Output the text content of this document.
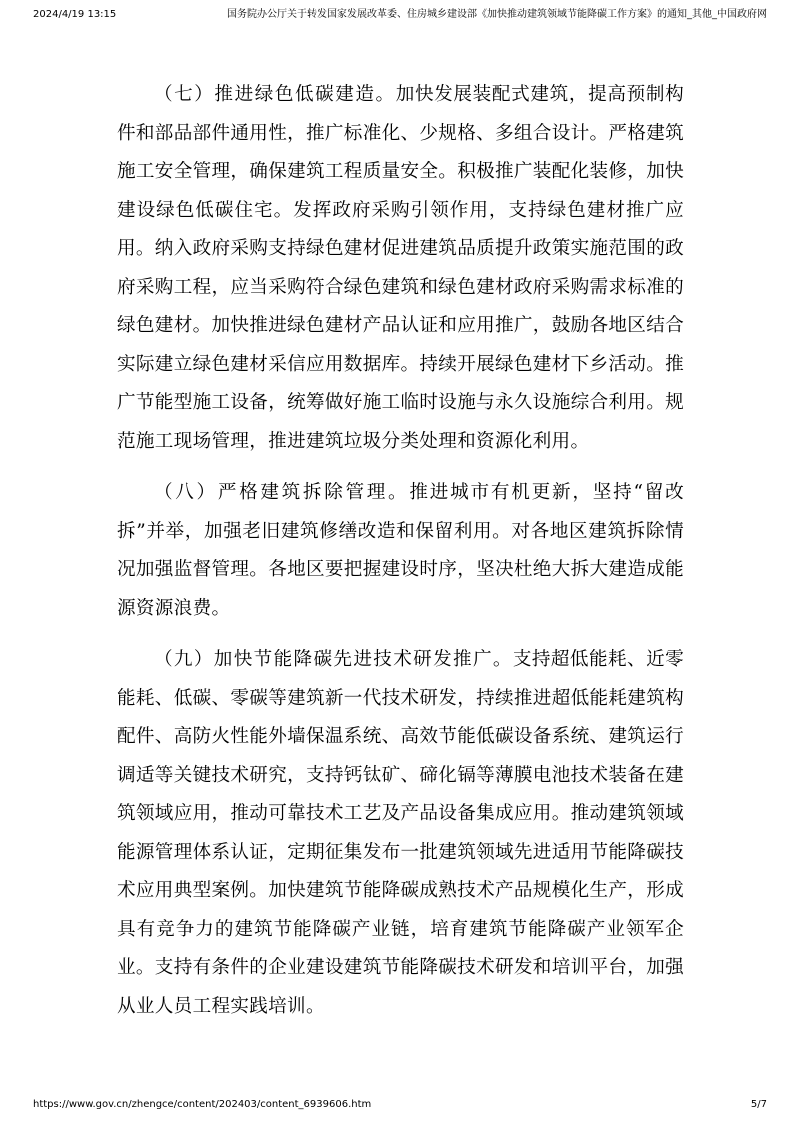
2024/4/19 13:15	国务院办公厅关于转发国家发展改革委、住房城乡建设部《加快推动建筑领域节能降碳工作方案》的通知_其他_中国政府网

（七）推进绿色低碳建造。加快发展装配式建筑，提高预制构件和部品部件通用性，推广标准化、少规格、多组合设计。严格建筑施工安全管理，确保建筑工程质量安全。积极推广装配化装修，加快建设绿色低碳住宅。发挥政府采购引领作用，支持绿色建材推广应用。纳入政府采购支持绿色建材促进建筑品质提升政策实施范围的政府采购工程，应当采购符合绿色建筑和绿色建材政府采购需求标准的绿色建材。加快推进绿色建材产品认证和应用推广，鼓励各地区结合实际建立绿色建材采信应用数据库。持续开展绿色建材下乡活动。推广节能型施工设备，统筹做好施工临时设施与永久设施综合利用。规范施工现场管理，推进建筑垃圾分类处理和资源化利用。

（八）严格建筑拆除管理。推进城市有机更新，坚持“留改拆”并举，加强老旧建筑修缮改造和保留利用。对各地区建筑拆除情况加强监督管理。各地区要把握建设时序，坚决杜绝大拆大建造成能源资源浪费。

（九）加快节能降碳先进技术研发推广。支持超低能耗、近零能耗、低碳、零碳等建筑新一代技术研发，持续推进超低能耗建筑构配件、高防火性能外墙保温系统、高效节能低碳设备系统、建筑运行调适等关键技术研究，支持钙钛矿、碲化镉等薄膜电池技术装备在建筑领域应用，推动可靠技术工艺及产品设备集成应用。推动建筑领域能源管理体系认证，定期征集发布一批建筑领域先进适用节能降碳技术应用典型案例。加快建筑节能降碳成熟技术产品规模化生产，形成具有竞争力的建筑节能降碳产业链，培育建筑节能降碳产业领军企业。支持有条件的企业建设建筑节能降碳技术研发和培训平台，加强从业人员工程实践培训。

https://www.gov.cn/zhengce/content/202403/content_6939606.htm	5/7
